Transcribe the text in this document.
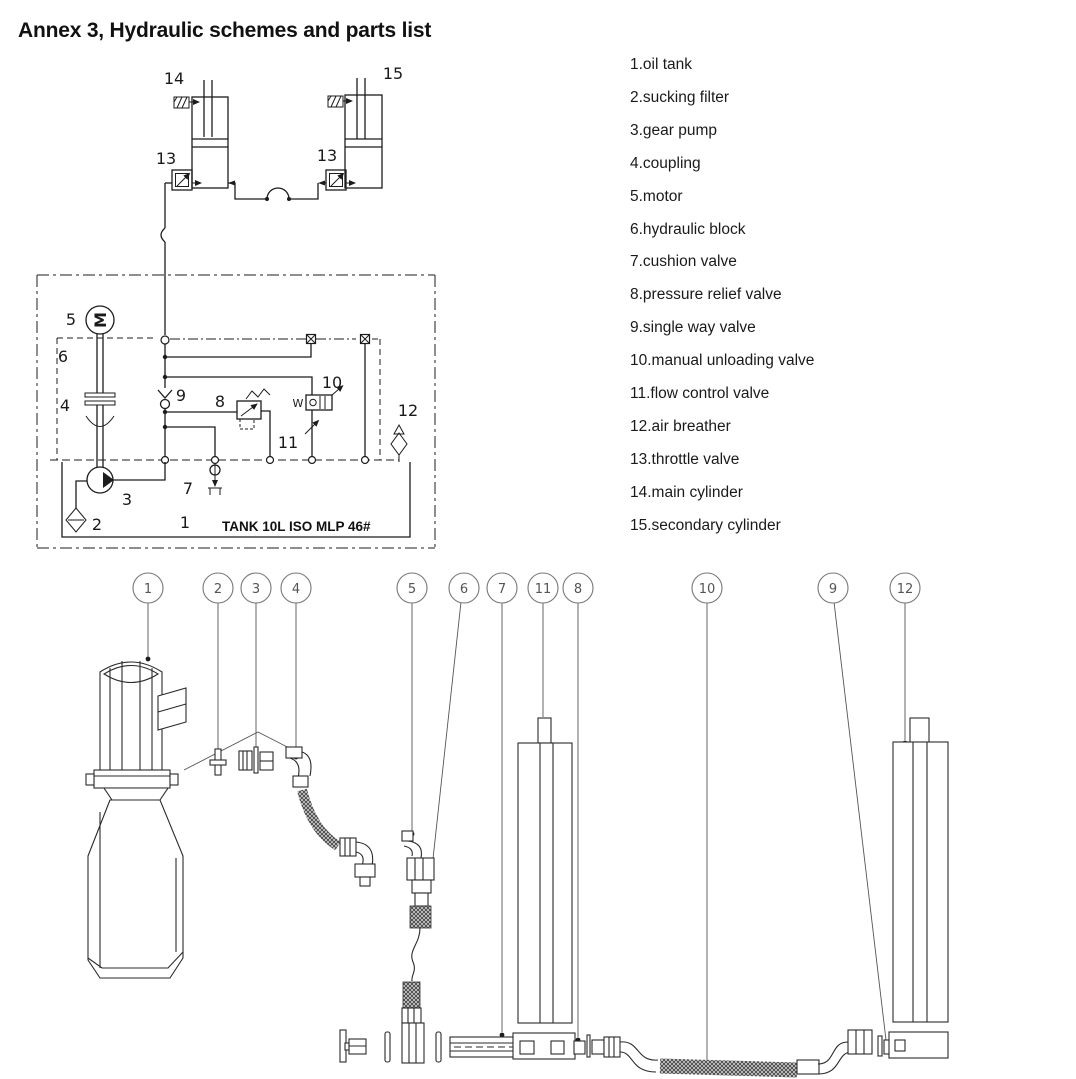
M
W
14	15
13	13
5
6
4
9 8
10
11
12
3
7
2	1 TANK 10L ISO MLP 46#
1	2 3 4	5	6 7 11 8	10	9	12
Annex 3, Hydraulic schemes and parts list
1.oil tank
2.sucking filter
3.gear pump
4.coupling
5.motor
6.hydraulic block
7.cushion valve
8.pressure relief valve
9.single way valve
10.manual unloading valve
11.flow control valve
12.air breather
13.throttle valve
14.main cylinder
15.secondary cylinder
